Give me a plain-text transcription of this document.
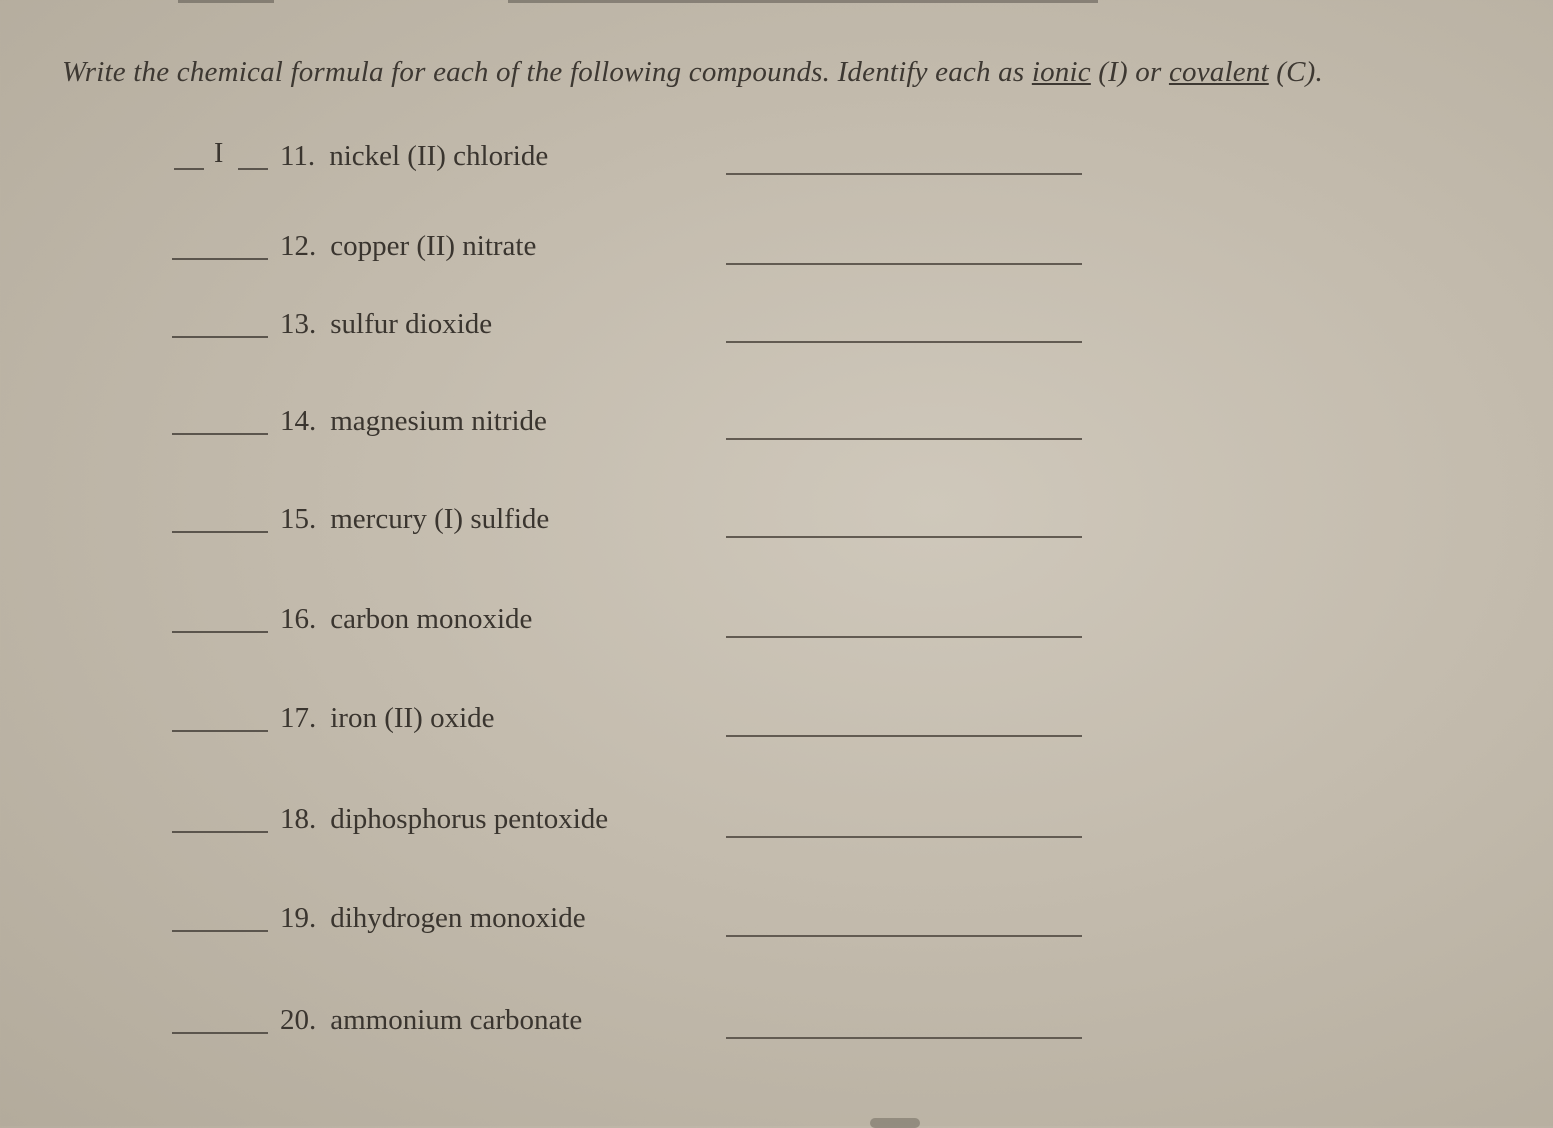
Write the chemical formula for each of the following compounds. Identify each as ionic (I) or covalent (C).
I 11. nickel (II) chloride
12. copper (II) nitrate
13. sulfur dioxide
14. magnesium nitride
15. mercury (I) sulfide
16. carbon monoxide
17. iron (II) oxide
18. diphosphorus pentoxide
19. dihydrogen monoxide
20. ammonium carbonate
